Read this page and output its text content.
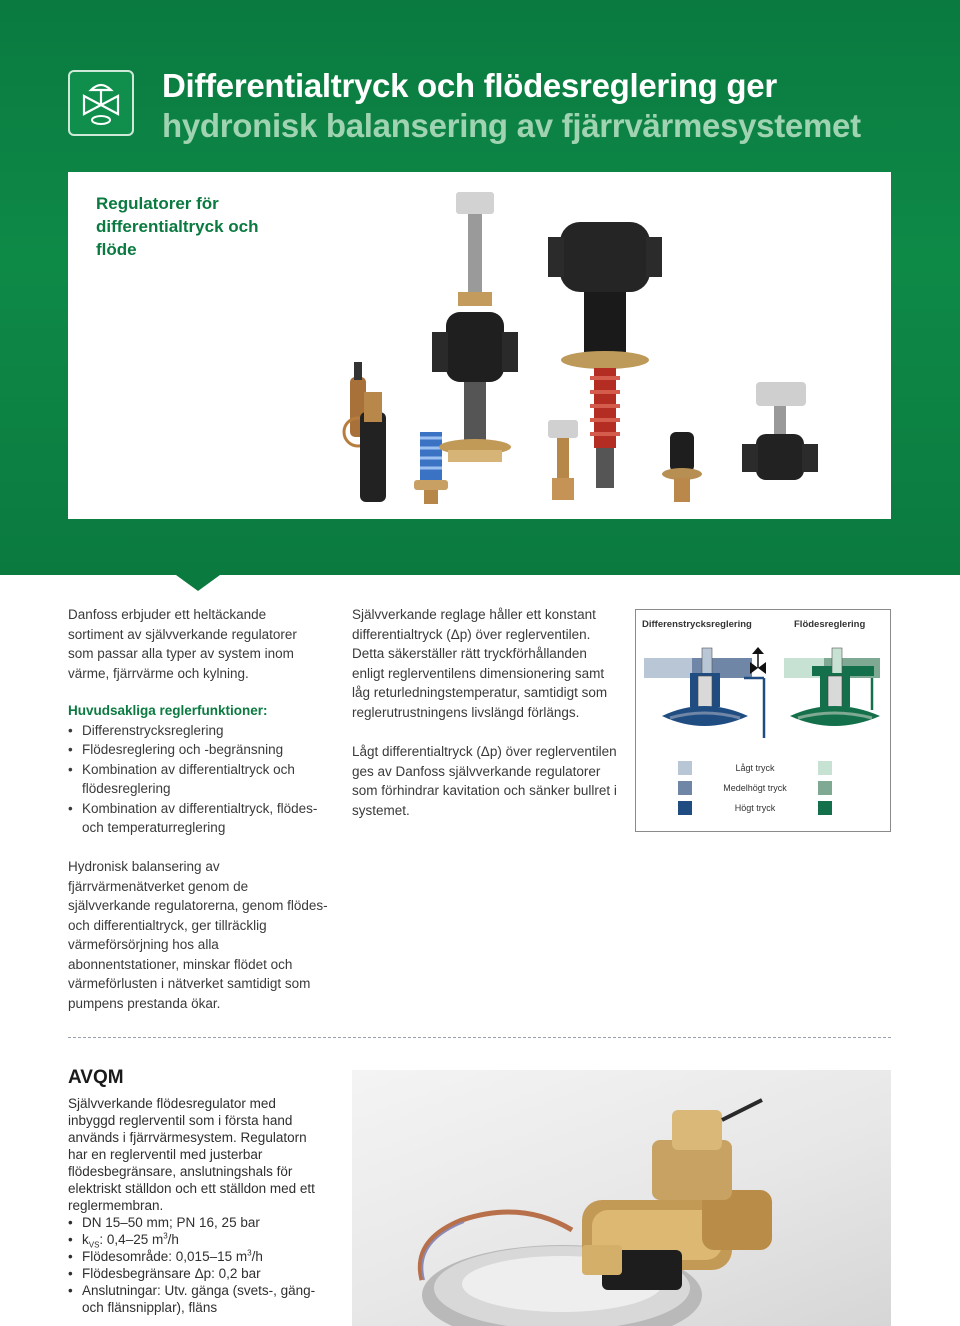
Differentialtryck och flödesreglering ger
hydronisk balansering av fjärrvärmesystemet
Regulatorer för differentialtryck och flöde

Danfoss erbjuder ett heltäckande sortiment av självverkande regulatorer som passar alla typer av system inom värme, fjärrvärme och kylning.

Huvudsakliga reglerfunktioner:

• Differenstrycksreglering
• Flödesreglering och -begränsning
• Kombination av differentialtryck och flödesreglering
• Kombination av differentialtryck, flödes- och temperaturreglering

Självverkande reglage håller ett konstant differentialtryck (Δp) över reglerventilen. Detta säkerställer rätt tryckförhållanden enligt reglerventilens dimensionering samt låg returledningstemperatur, samtidigt som reglerutrustningens livslängd förlängs.

Lågt differentialtryck (Δp) över reglerventilen ges av Danfoss självverkande regulatorer som förhindrar kavitation och sänker bullret i systemet.

Differenstrycksreglering	Flödesreglering
Lågt tryck
Medelhögt tryck
Högt tryck

Hydronisk balansering av fjärrvärmenätverket genom de självverkande regulatorerna, genom flödes- och differentialtryck, ger tillräcklig värmeförsörjning hos alla abonnentstationer, minskar flödet och värmeförlusten i nätverket samtidigt som pumpens prestanda ökar.

AVQM

Självverkande flödesregulator med inbyggd reglerventil som i första hand används i fjärrvärmesystem. Regulatorn har en reglerventil med justerbar flödesbegränsare, anslutningshals för elektriskt ställdon och ett ställdon med ett reglermembran.

• DN 15–50 mm; PN 16, 25 bar
• $k_{VS}$: 0,4–25 $m^3/h$
• Flödesområde: 0,015–15 $m^3/h$
• Flödesbegränsare Δp: 0,2 bar
• Anslutningar: Utv. gänga (svets-, gäng- och flänsnipplar), fläns
